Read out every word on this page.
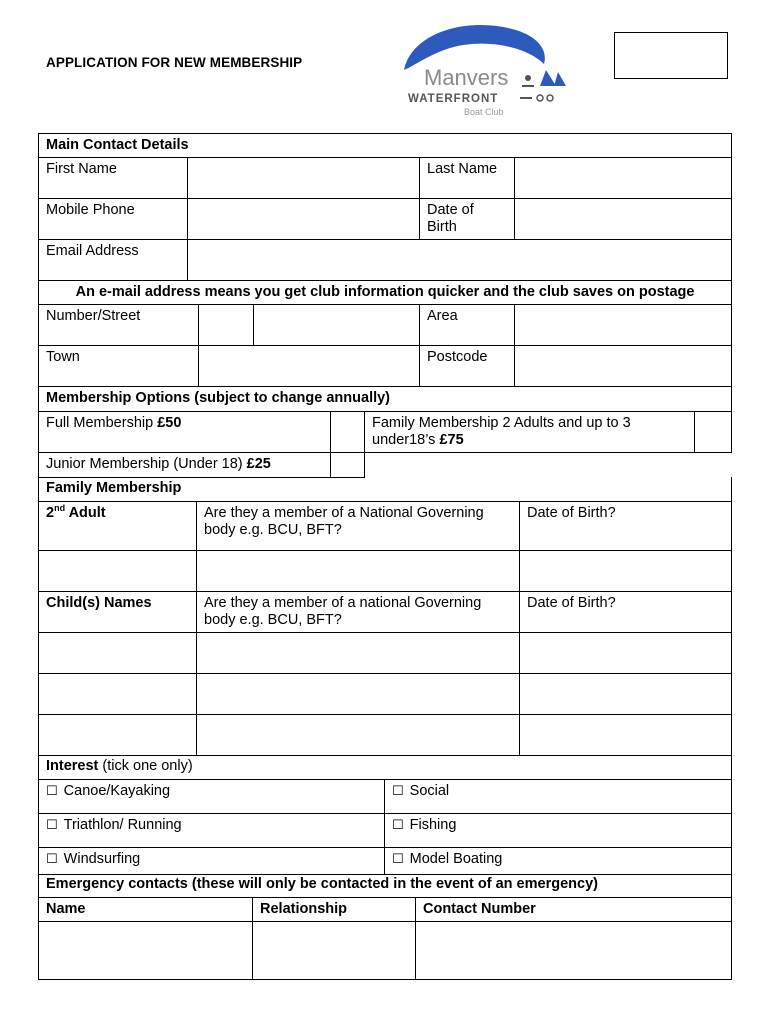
APPLICATION FOR NEW MEMBERSHIP
Manvers
WATERFRONT
Boat Club
Main Contact Details					
First Name				Last Name	
Mobile Phone				Date of Birth	
Email Address					
An e-mail address means you get club information quicker and the club saves on postage					
Number/Street				Area	
Town				Postcode	
Membership Options (subject to change annually)			
Full Membership £50		Family Membership 2 Adults and up to 3 under18’s £75	
Junior Membership (Under 18) £25			
Family Membership		
2nd Adult	Are they a member of a National Governing body e.g. BCU, BFT?	Date of Birth?

Child(s) Names	Are they a member of a national Governing body e.g. BCU, BFT?	Date of Birth?

Interest (tick one only)	
☐ Canoe/Kayaking	☐ Social
☐ Triathlon/ Running	☐ Fishing
☐ Windsurfing	☐ Model Boating
Emergency contacts (these will only be contacted in the event of an emergency)		
Name	Relationship	Contact Number
